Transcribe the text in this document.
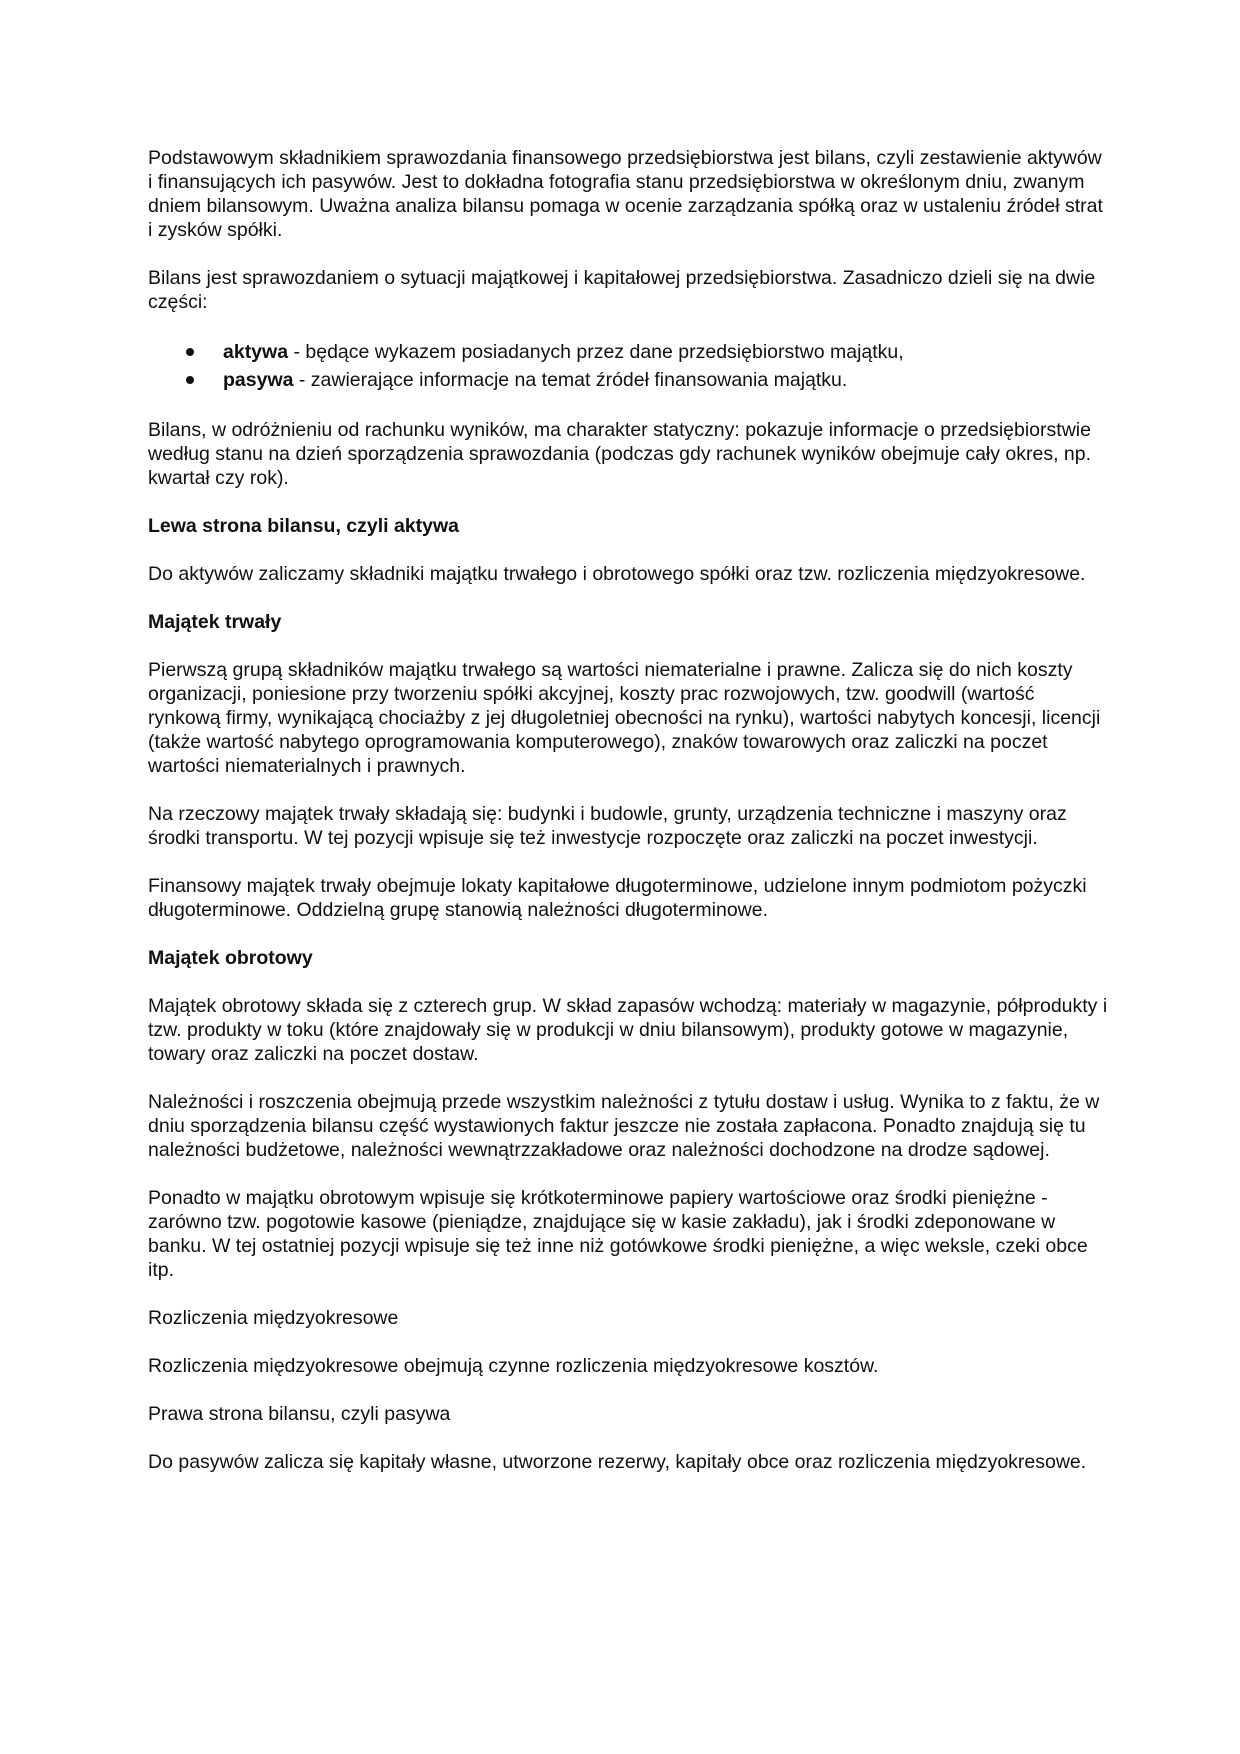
Podstawowym składnikiem sprawozdania finansowego przedsiębiorstwa jest bilans, czyli zestawienie aktywów i finansujących ich pasywów. Jest to dokładna fotografia stanu przedsiębiorstwa w określonym dniu, zwanym dniem bilansowym. Uważna analiza bilansu pomaga w ocenie zarządzania spółką oraz w ustaleniu źródeł strat i zysków spółki.

Bilans jest sprawozdaniem o sytuacji majątkowej i kapitałowej przedsiębiorstwa. Zasadniczo dzieli się na dwie części:

aktywa - będące wykazem posiadanych przez dane przedsiębiorstwo majątku,
pasywa - zawierające informacje na temat źródeł finansowania majątku.

Bilans, w odróżnieniu od rachunku wyników, ma charakter statyczny: pokazuje informacje o przedsiębiorstwie według stanu na dzień sporządzenia sprawozdania (podczas gdy rachunek wyników obejmuje cały okres, np. kwartał czy rok).

Lewa strona bilansu, czyli aktywa

Do aktywów zaliczamy składniki majątku trwałego i obrotowego spółki oraz tzw. rozliczenia międzyokresowe.

Majątek trwały

Pierwszą grupą składników majątku trwałego są wartości niematerialne i prawne. Zalicza się do nich koszty organizacji, poniesione przy tworzeniu spółki akcyjnej, koszty prac rozwojowych, tzw. goodwill (wartość rynkową firmy, wynikającą chociażby z jej długoletniej obecności na rynku), wartości nabytych koncesji, licencji (także wartość nabytego oprogramowania komputerowego), znaków towarowych oraz zaliczki na poczet wartości niematerialnych i prawnych.

Na rzeczowy majątek trwały składają się: budynki i budowle, grunty, urządzenia techniczne i maszyny oraz środki transportu. W tej pozycji wpisuje się też inwestycje rozpoczęte oraz zaliczki na poczet inwestycji.

Finansowy majątek trwały obejmuje lokaty kapitałowe długoterminowe, udzielone innym podmiotom pożyczki długoterminowe. Oddzielną grupę stanowią należności długoterminowe.

Majątek obrotowy

Majątek obrotowy składa się z czterech grup. W skład zapasów wchodzą: materiały w magazynie, półprodukty i tzw. produkty w toku (które znajdowały się w produkcji w dniu bilansowym), produkty gotowe w magazynie, towary oraz zaliczki na poczet dostaw.

Należności i roszczenia obejmują przede wszystkim należności z tytułu dostaw i usług. Wynika to z faktu, że w dniu sporządzenia bilansu część wystawionych faktur jeszcze nie została zapłacona. Ponadto znajdują się tu należności budżetowe, należności wewnątrzzakładowe oraz należności dochodzone na drodze sądowej.

Ponadto w majątku obrotowym wpisuje się krótkoterminowe papiery wartościowe oraz środki pieniężne - zarówno tzw. pogotowie kasowe (pieniądze, znajdujące się w kasie zakładu), jak i środki zdeponowane w banku. W tej ostatniej pozycji wpisuje się też inne niż gotówkowe środki pieniężne, a więc weksle, czeki obce itp.

Rozliczenia międzyokresowe

Rozliczenia międzyokresowe obejmują czynne rozliczenia międzyokresowe kosztów.

Prawa strona bilansu, czyli pasywa

Do pasywów zalicza się kapitały własne, utworzone rezerwy, kapitały obce oraz rozliczenia międzyokresowe.
